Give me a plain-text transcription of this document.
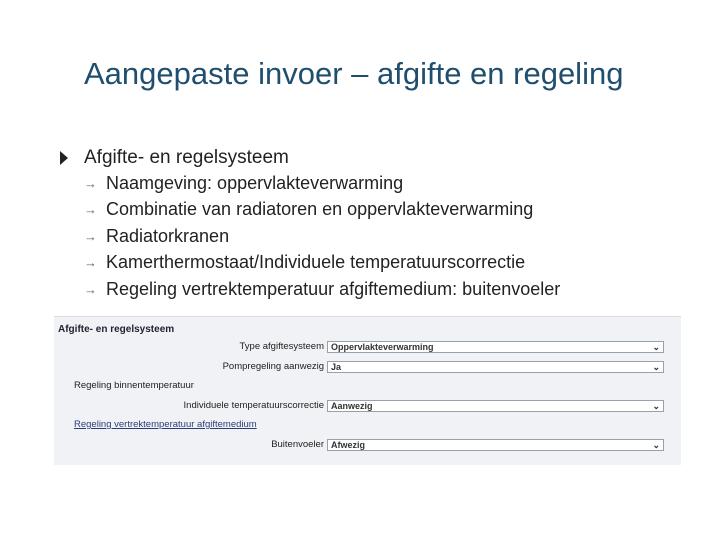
Aangepaste invoer – afgifte en regeling
Afgifte- en regelsysteem
→ Naamgeving: oppervlakteverwarming
→ Combinatie van radiatoren en oppervlakteverwarming
→ Radiatorkranen
→ Kamerthermostaat/Individuele temperatuurscorrectie
→ Regeling vertrektemperatuur afgiftemedium: buitenvoeler
Afgifte- en regelsysteem
Type afgiftesysteem Oppervlakteverwarming	⌄
Pompregeling aanwezig Ja	⌄
Regeling binnentemperatuur
Individuele temperatuurscorrectie Aanwezig	⌄
Regeling vertrektemperatuur afgiftemedium
Buitenvoeler Afwezig	⌄
